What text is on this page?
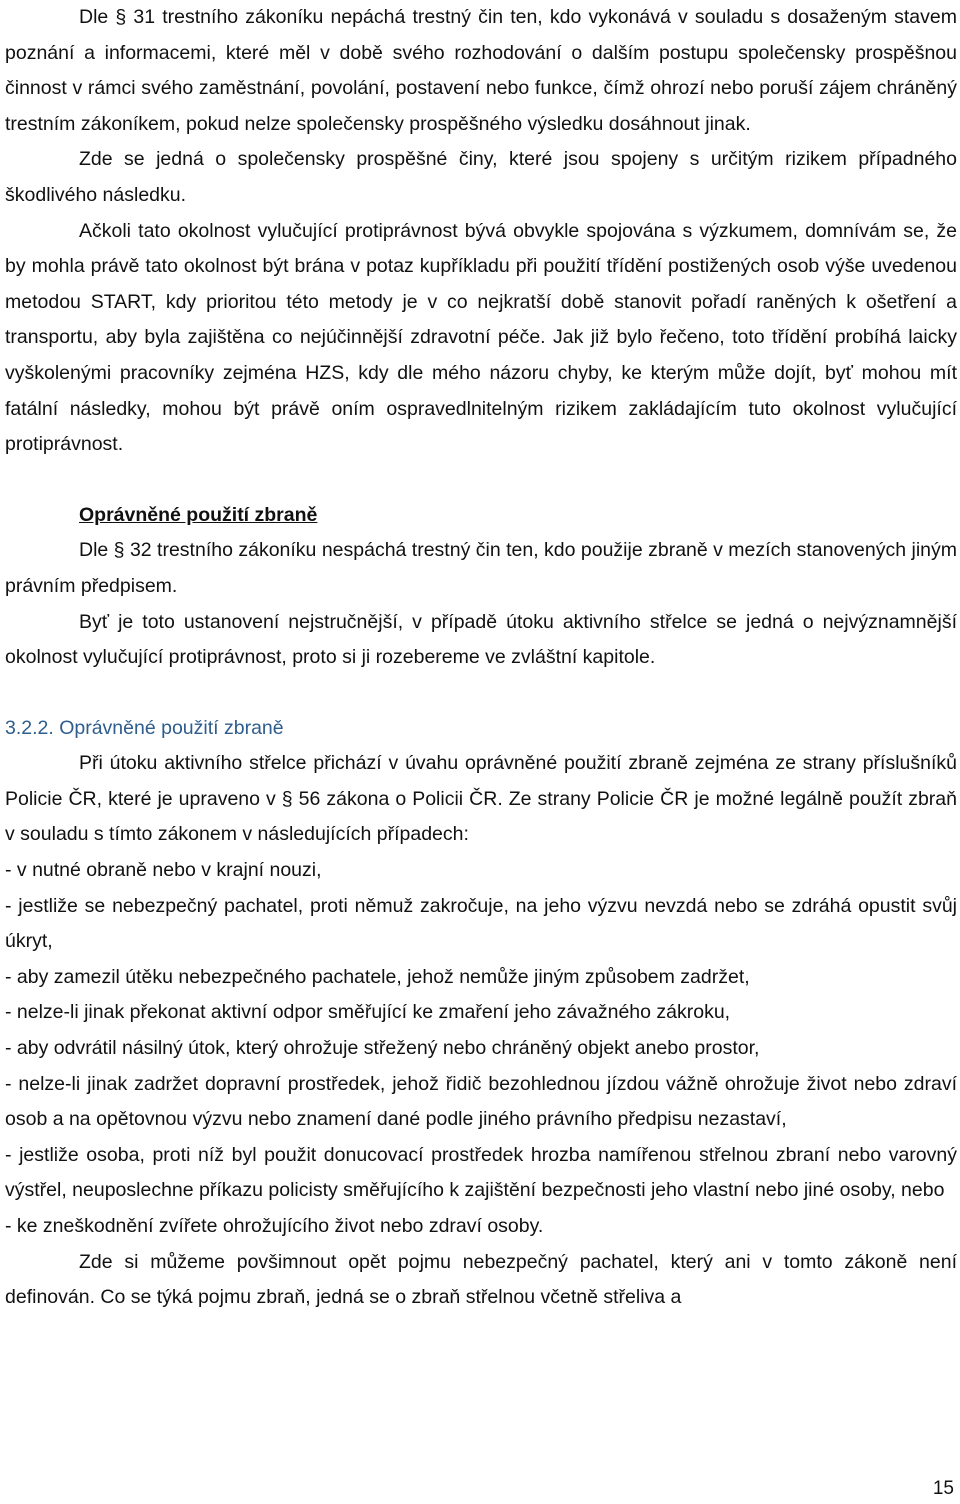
Dle § 31 trestního zákoníku nepáchá trestný čin ten, kdo vykonává v souladu s dosaženým stavem poznání a informacemi, které měl v době svého rozhodování o dalším postupu společensky prospěšnou činnost v rámci svého zaměstnání, povolání, postavení nebo funkce, čímž ohrozí nebo poruší zájem chráněný trestním zákoníkem, pokud nelze společensky prospěšného výsledku dosáhnout jinak.

Zde se jedná o společensky prospěšné činy, které jsou spojeny s určitým rizikem případného škodlivého následku.

Ačkoli tato okolnost vylučující protiprávnost bývá obvykle spojována s výzkumem, domnívám se, že by mohla právě tato okolnost být brána v potaz kupříkladu při použití třídění postižených osob výše uvedenou metodou START, kdy prioritou této metody je v co nejkratší době stanovit pořadí raněných k ošetření a transportu, aby byla zajištěna co nejúčinnější zdravotní péče. Jak již bylo řečeno, toto třídění probíhá laicky vyškolenými pracovníky zejména HZS, kdy dle mého názoru chyby, ke kterým může dojít, byť mohou mít fatální následky, mohou být právě oním ospravedlnitelným rizikem zakládajícím tuto okolnost vylučující protiprávnost.

Oprávněné použití zbraně

Dle § 32 trestního zákoníku nespáchá trestný čin ten, kdo použije zbraně v mezích stanovených jiným právním předpisem.

Byť je toto ustanovení nejstručnější, v případě útoku aktivního střelce se jedná o nejvýznamnější okolnost vylučující protiprávnost, proto si ji rozebereme ve zvláštní kapitole.

3.2.2. Oprávněné použití zbraně

Při útoku aktivního střelce přichází v úvahu oprávněné použití zbraně zejména ze strany příslušníků Policie ČR, které je upraveno v § 56 zákona o Policii ČR. Ze strany Policie ČR je možné legálně použít zbraň v souladu s tímto zákonem v následujících případech:

- v nutné obraně nebo v krajní nouzi,

- jestliže se nebezpečný pachatel, proti němuž zakročuje, na jeho výzvu nevzdá nebo se zdráhá opustit svůj úkryt,

- aby zamezil útěku nebezpečného pachatele, jehož nemůže jiným způsobem zadržet,

- nelze-li jinak překonat aktivní odpor směřující ke zmaření jeho závažného zákroku,

- aby odvrátil násilný útok, který ohrožuje střežený nebo chráněný objekt anebo prostor,

- nelze-li jinak zadržet dopravní prostředek, jehož řidič bezohlednou jízdou vážně ohrožuje život nebo zdraví osob a na opětovnou výzvu nebo znamení dané podle jiného právního předpisu nezastaví,

- jestliže osoba, proti níž byl použit donucovací prostředek hrozba namířenou střelnou zbraní nebo varovný výstřel, neuposlechne příkazu policisty směřujícího k zajištění bezpečnosti jeho vlastní nebo jiné osoby, nebo

- ke zneškodnění zvířete ohrožujícího život nebo zdraví osoby.

Zde si můžeme povšimnout opět pojmu nebezpečný pachatel, který ani v tomto zákoně není definován. Co se týká pojmu zbraň, jedná se o zbraň střelnou včetně střeliva a

15
